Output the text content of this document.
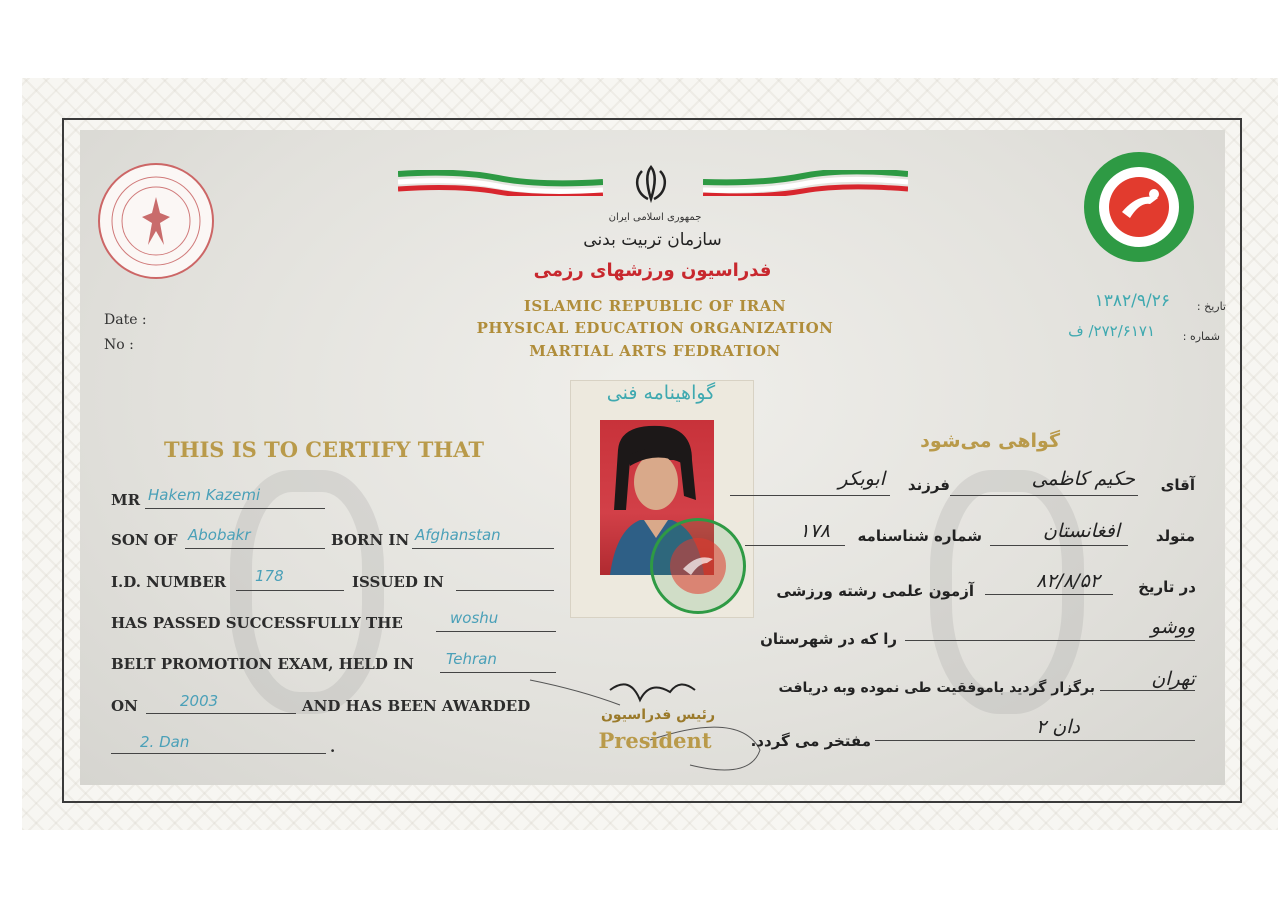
جمهوری اسلامی ایران
سازمان تربیت بدنی
فدراسیون ورزشهای رزمی
ISLAMIC REPUBLIC OF IRAN
PHYSICAL EDUCATION ORGANIZATION
MARTIAL ARTS FEDRATION
Date :
No :
تاریخ :
۱۳۸۲/۹/۲۶
شماره :
۲۷۲/۶۱۷۱/ ف
گواهینامه فنی
THIS IS TO CERTIFY THAT
MR Hakem Kazemi
SON OF Abobakr	BORN IN Afghanstan
I.D. NUMBER 178	ISSUED IN
HAS PASSED SUCCESSFULLY THE	woshu
BELT PROMOTION EXAM, HELD IN Tehran
ON	2003	AND HAS BEEN AWARDED
2. Dan	.
رئیس فدراسیون
President
گواهی می‌شود
آقای
حکیم کاظمی
فرزند
ابوبکر
متولد
افغانستان
شماره شناسنامه
۱۷۸
در تاریخ
۸۲/۸/۵۲
آزمون علمی رشته ورزشی
ووشو
را که در شهرستان
تهران
برگزار گردید باموفقیت طی نموده وبه دریافت
دان ۲
مفتخر می گردد.
